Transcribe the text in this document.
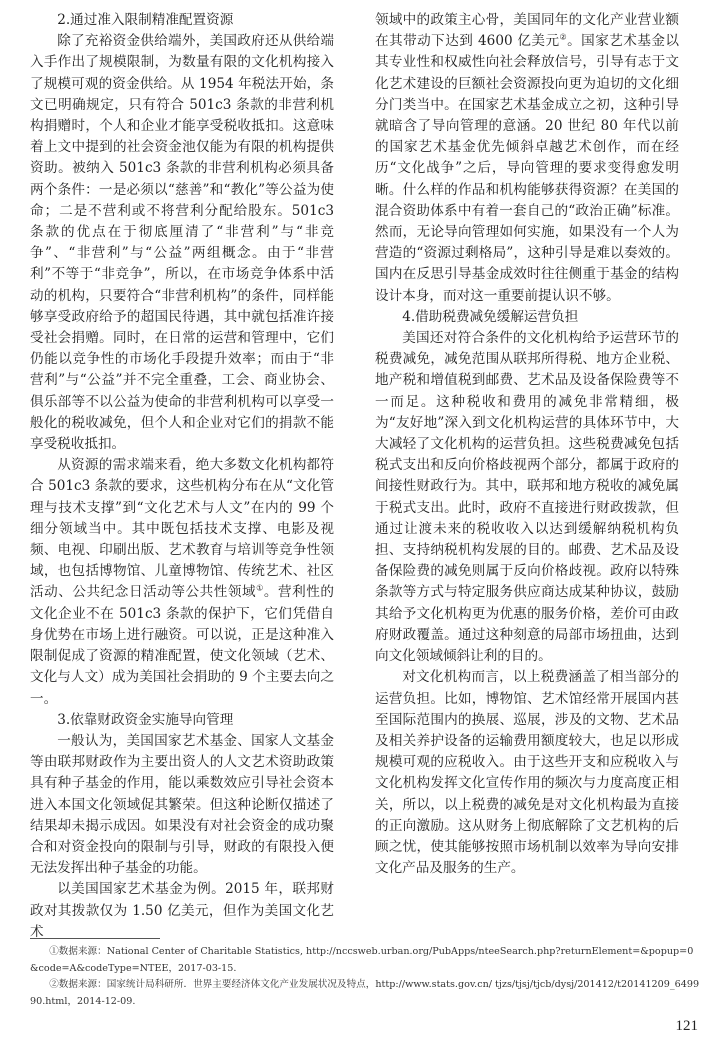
2.通过准入限制精准配置资源

除了充裕资金供给端外，美国政府还从供给端入手作出了规模限制，为数量有限的文化机构接入了规模可观的资金供给。从 1954 年税法开始，条文已明确规定，只有符合 501c3 条款的非营利机构捐赠时，个人和企业才能享受税收抵扣。这意味着上文中提到的社会资金池仅能为有限的机构提供资助。被纳入 501c3 条款的非营利机构必须具备两个条件：一是必须以“慈善”和“教化”等公益为使命；二是不营利或不将营利分配给股东。501c3 条款的优点在于彻底厘清了“非营利”与“非竞争”、“非营利”与“公益”两组概念。由于“非营利”不等于“非竞争”，所以，在市场竞争体系中活动的机构，只要符合“非营利机构”的条件，同样能够享受政府给予的超国民待遇，其中就包括准许接受社会捐赠。同时，在日常的运营和管理中，它们仍能以竞争性的市场化手段提升效率；而由于“非营利”与“公益”并不完全重叠，工会、商业协会、俱乐部等不以公益为使命的非营利机构可以享受一般化的税收减免，但个人和企业对它们的捐款不能享受税收抵扣。

从资源的需求端来看，绝大多数文化机构都符合 501c3 条款的要求，这些机构分布在从“文化管理与技术支撑”到“文化艺术与人文”在内的 99 个细分领域当中。其中既包括技术支撑、电影及视频、电视、印刷出版、艺术教育与培训等竞争性领域，也包括博物馆、儿童博物馆、传统艺术、社区活动、公共纪念日活动等公共性领域①。营利性的文化企业不在 501c3 条款的保护下，它们凭借自身优势在市场上进行融资。可以说，正是这种准入限制促成了资源的精准配置，使文化领域（艺术、文化与人文）成为美国社会捐助的 9 个主要去向之一。

3.依靠财政资金实施导向管理

一般认为，美国国家艺术基金、国家人文基金等由联邦财政作为主要出资人的人文艺术资助政策具有种子基金的作用，能以乘数效应引导社会资本进入本国文化领域促其繁荣。但这种论断仅描述了结果却未揭示成因。如果没有对社会资金的成功聚合和对资金投向的限制与引导，财政的有限投入便无法发挥出种子基金的功能。

以美国国家艺术基金为例。2015 年，联邦财政对其拨款仅为 1.50 亿美元，但作为美国文化艺术

领域中的政策主心骨，美国同年的文化产业营业额在其带动下达到 4600 亿美元②。国家艺术基金以其专业性和权威性向社会释放信号，引导有志于文化艺术建设的巨额社会资源投向更为迫切的文化细分门类当中。在国家艺术基金成立之初，这种引导就暗含了导向管理的意涵。20 世纪 80 年代以前的国家艺术基金优先倾斜卓越艺术创作，而在经历“文化战争”之后，导向管理的要求变得愈发明晰。什么样的作品和机构能够获得资源？在美国的混合资助体系中有着一套自己的“政治正确”标准。然而，无论导向管理如何实施，如果没有一个人为营造的“资源过剩格局”，这种引导是难以奏效的。国内在反思引导基金成效时往往侧重于基金的结构设计本身，而对这一重要前提认识不够。

4.借助税费减免缓解运营负担

美国还对符合条件的文化机构给予运营环节的税费减免，减免范围从联邦所得税、地方企业税、地产税和增值税到邮费、艺术品及设备保险费等不一而足。这种税收和费用的减免非常精细，极为“友好地”深入到文化机构运营的具体环节中，大大减轻了文化机构的运营负担。这些税费减免包括税式支出和反向价格歧视两个部分，都属于政府的间接性财政行为。其中，联邦和地方税收的减免属于税式支出。此时，政府不直接进行财政拨款，但通过让渡未来的税收收入以达到缓解纳税机构负担、支持纳税机构发展的目的。邮费、艺术品及设备保险费的减免则属于反向价格歧视。政府以特殊条款等方式与特定服务供应商达成某种协议，鼓励其给予文化机构更为优惠的服务价格，差价可由政府财政覆盖。通过这种刻意的局部市场扭曲，达到向文化领域倾斜让利的目的。

对文化机构而言，以上税费涵盖了相当部分的运营负担。比如，博物馆、艺术馆经常开展国内甚至国际范围内的换展、巡展，涉及的文物、艺术品及相关养护设备的运输费用额度较大，也足以形成规模可观的应税收入。由于这些开支和应税收入与文化机构发挥文化宣传作用的频次与力度高度正相关，所以，以上税费的减免是对文化机构最为直接的正向激励。这从财务上彻底解除了文艺机构的后顾之忧，使其能够按照市场机制以效率为导向安排文化产品及服务的生产。

①数据来源：National Center of Charitable Statistics, http://nccsweb.urban.org/PubApps/nteeSearch.php?returnElement=&popup=0&code=A&codeType=NTEE，2017-03-15.

②数据来源：国家统计局科研所．世界主要经济体文化产业发展状况及特点，http://www.stats.gov.cn/ tjzs/tjsj/tjcb/dysj/201412/t20141209_649990.html，2014-12-09.

121
